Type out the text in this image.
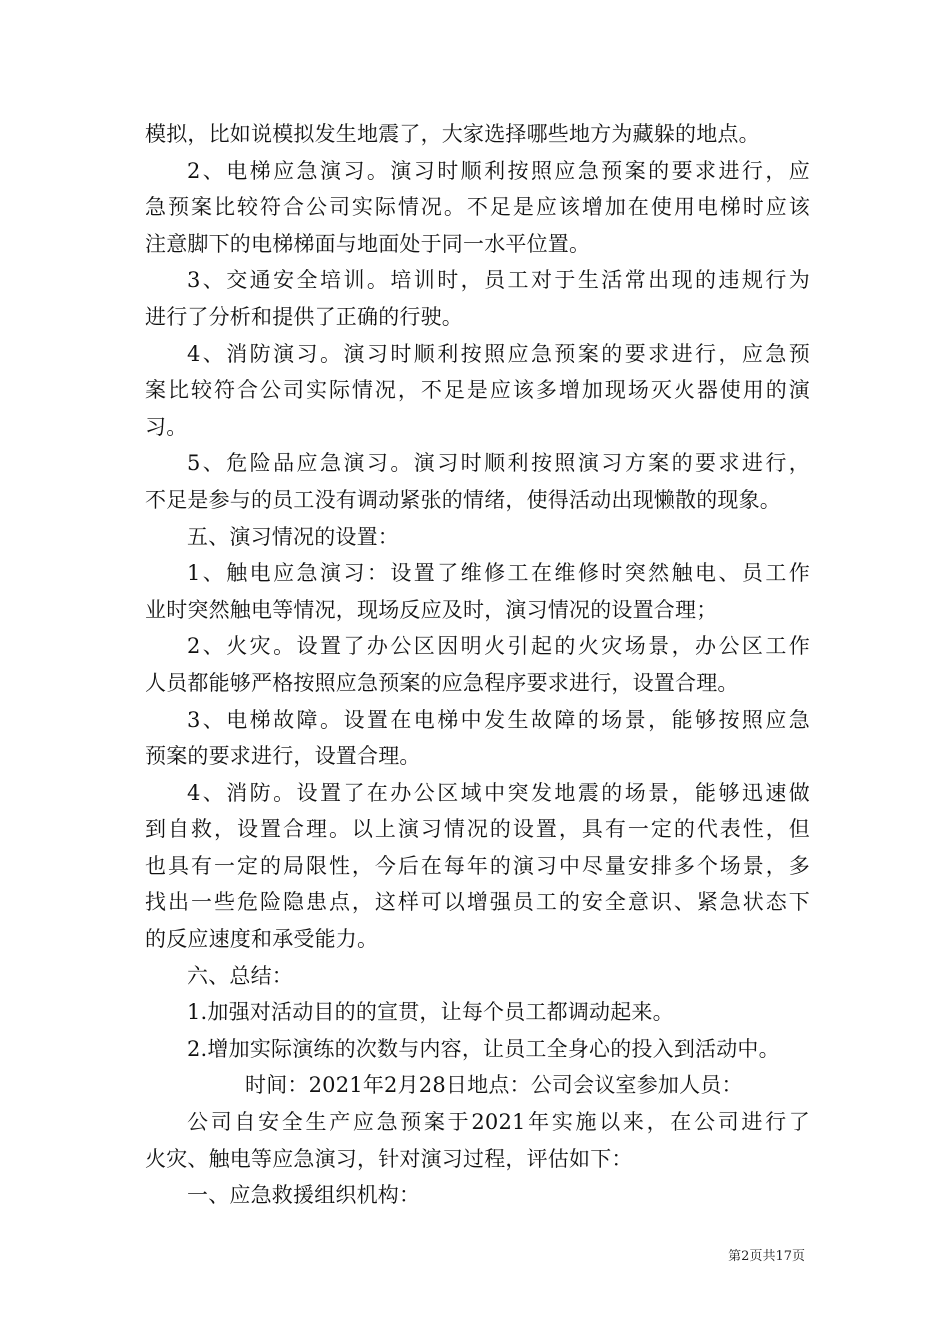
模拟，比如说模拟发生地震了，大家选择哪些地方为藏躲的地点。
2、电梯应急演习。演习时顺利按照应急预案的要求进行，应
急预案比较符合公司实际情况。不足是应该增加在使用电梯时应该
注意脚下的电梯梯面与地面处于同一水平位置。
3、交通安全培训。培训时，员工对于生活常出现的违规行为
进行了分析和提供了正确的行驶。
4、消防演习。演习时顺利按照应急预案的要求进行，应急预
案比较符合公司实际情况，不足是应该多增加现场灭火器使用的演
习。
5、危险品应急演习。演习时顺利按照演习方案的要求进行，
不足是参与的员工没有调动紧张的情绪，使得活动出现懒散的现象。
五、演习情况的设置：
1、触电应急演习：设置了维修工在维修时突然触电、员工作
业时突然触电等情况，现场反应及时，演习情况的设置合理；
2、火灾。设置了办公区因明火引起的火灾场景，办公区工作
人员都能够严格按照应急预案的应急程序要求进行，设置合理。
3、电梯故障。设置在电梯中发生故障的场景，能够按照应急
预案的要求进行，设置合理。
4、消防。设置了在办公区域中突发地震的场景，能够迅速做
到自救，设置合理。以上演习情况的设置，具有一定的代表性，但
也具有一定的局限性，今后在每年的演习中尽量安排多个场景，多
找出一些危险隐患点，这样可以增强员工的安全意识、紧急状态下
的反应速度和承受能力。
六、总结：
1.加强对活动目的的宣贯，让每个员工都调动起来。
2.增加实际演练的次数与内容，让员工全身心的投入到活动中。
时间：2021年2月28日地点：公司会议室参加人员：
公司自安全生产应急预案于2021年实施以来，在公司进行了
火灾、触电等应急演习，针对演习过程，评估如下：
一、应急救援组织机构：
第2页共17页
